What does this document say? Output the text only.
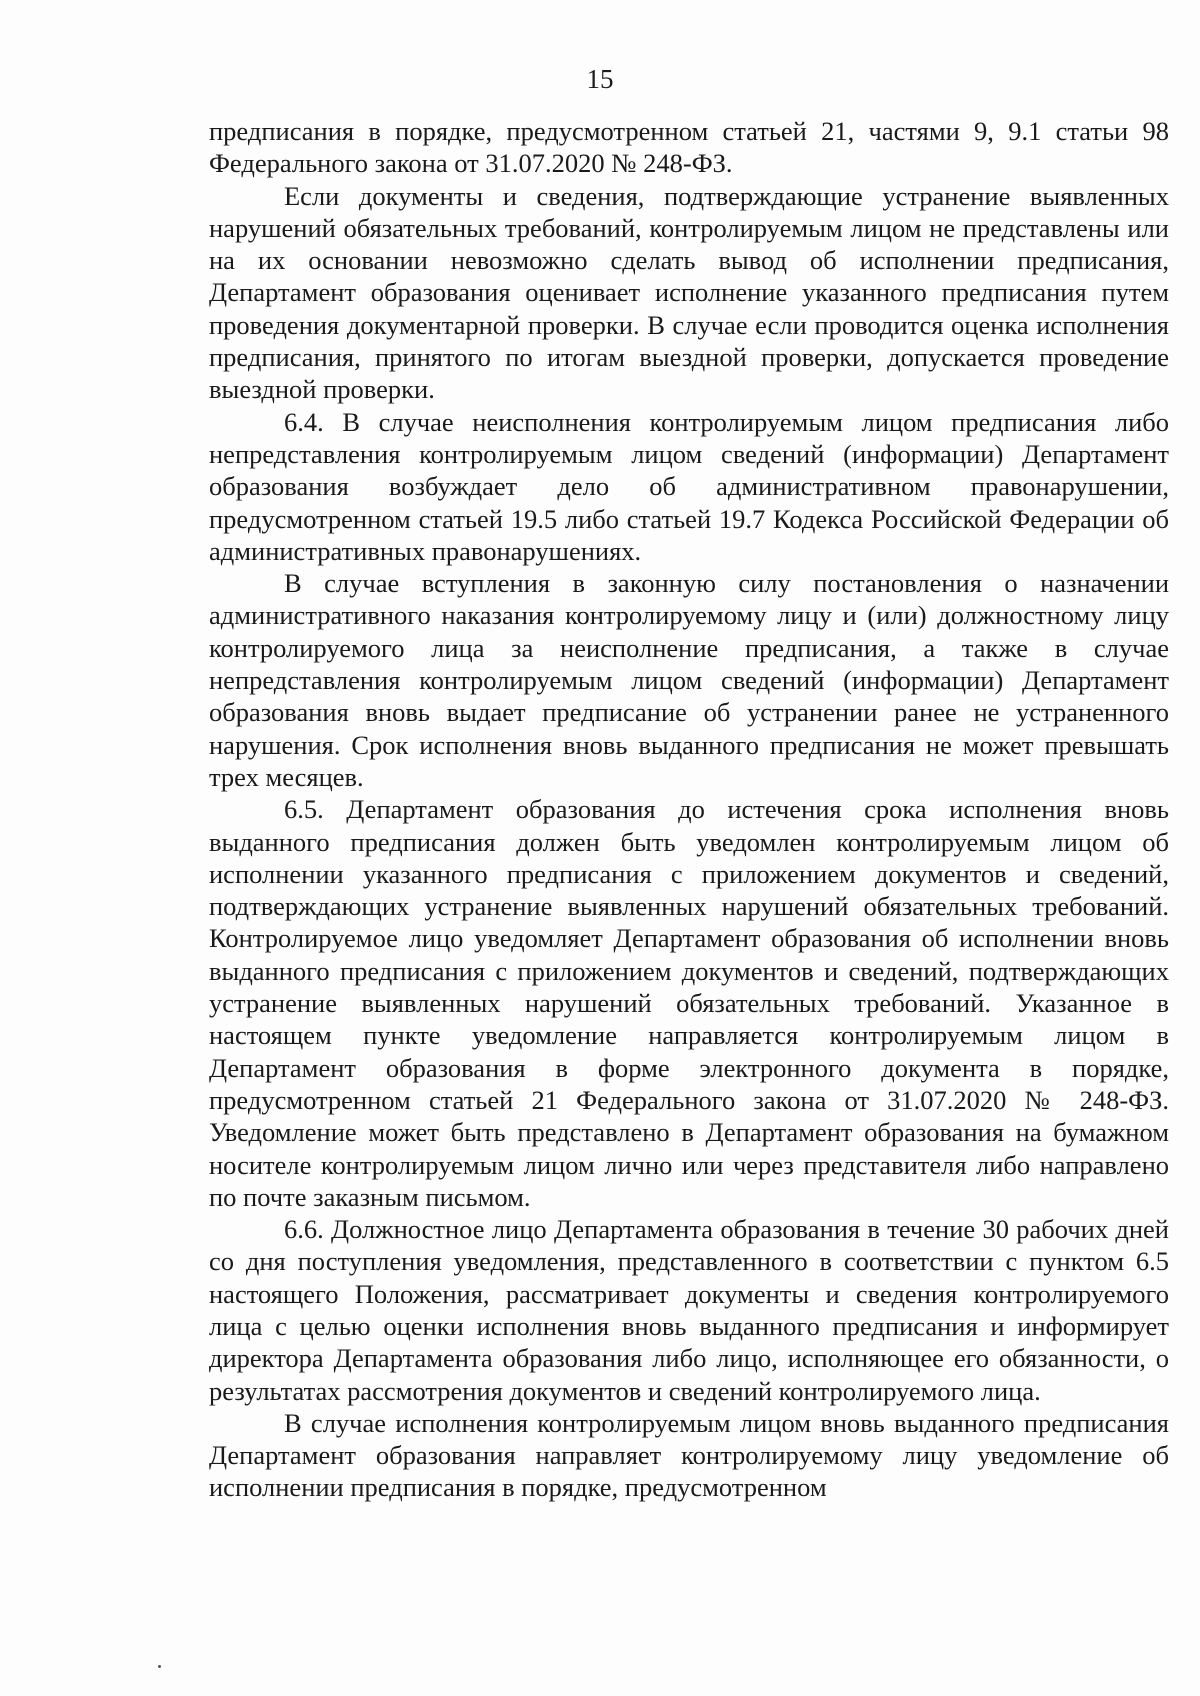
15

предписания в порядке, предусмотренном статьей 21, частями 9, 9.1 статьи 98 Федерального закона от 31.07.2020 № 248-ФЗ.

Если документы и сведения, подтверждающие устранение выявленных нарушений обязательных требований, контролируемым лицом не представлены или на их основании невозможно сделать вывод об исполнении предписания, Департамент образования оценивает исполнение указанного предписания путем проведения документарной проверки. В случае если проводится оценка исполнения предписания, принятого по итогам выездной проверки, допускается проведение выездной проверки.

6.4. В случае неисполнения контролируемым лицом предписания либо непредставления контролируемым лицом сведений (информации) Департамент образования возбуждает дело об административном правонарушении, предусмотренном статьей 19.5 либо статьей 19.7 Кодекса Российской Федерации об административных правонарушениях.

В случае вступления в законную силу постановления о назначении административного наказания контролируемому лицу и (или) должностному лицу контролируемого лица за неисполнение предписания, а также в случае непредставления контролируемым лицом сведений (информации) Департамент образования вновь выдает предписание об устранении ранее не устраненного нарушения. Срок исполнения вновь выданного предписания не может превышать трех месяцев.

6.5. Департамент образования до истечения срока исполнения вновь выданного предписания должен быть уведомлен контролируемым лицом об исполнении указанного предписания с приложением документов и сведений, подтверждающих устранение выявленных нарушений обязательных требований. Контролируемое лицо уведомляет Департамент образования об исполнении вновь выданного предписания с приложением документов и сведений, подтверждающих устранение выявленных нарушений обязательных требований. Указанное в настоящем пункте уведомление направляется контролируемым лицом в Департамент образования в форме электронного документа в порядке, предусмотренном статьей 21 Федерального закона от 31.07.2020 № 248-ФЗ. Уведомление может быть представлено в Департамент образования на бумажном носителе контролируемым лицом лично или через представителя либо направлено по почте заказным письмом.

6.6. Должностное лицо Департамента образования в течение 30 рабочих дней со дня поступления уведомления, представленного в соответствии с пунктом 6.5 настоящего Положения, рассматривает документы и сведения контролируемого лица с целью оценки исполнения вновь выданного предписания и информирует директора Департамента образования либо лицо, исполняющее его обязанности, о результатах рассмотрения документов и сведений контролируемого лица.

В случае исполнения контролируемым лицом вновь выданного предписания Департамент образования направляет контролируемому лицу уведомление об исполнении предписания в порядке, предусмотренном
